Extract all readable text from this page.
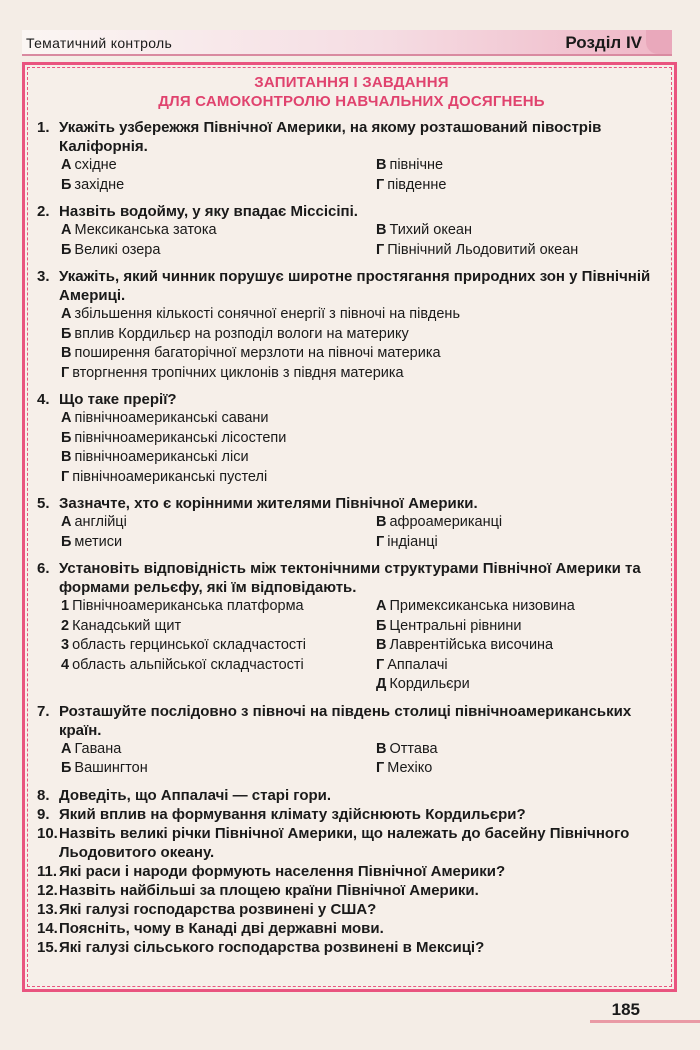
Тематичний контроль	Розділ IV
ЗАПИТАННЯ І ЗАВДАННЯ
ДЛЯ САМОКОНТРОЛЮ НАВЧАЛЬНИХ ДОСЯГНЕНЬ
1. Укажіть узбережжя Північної Америки, на якому розташований півострів Каліфорнія.
А східне	В північне
Б західне	Г південне
2. Назвіть водойму, у яку впадає Міссісіпі.
А Мексиканська затока	В Тихий океан
Б Великі озера	Г Північний Льодовитий океан
3. Укажіть, який чинник порушує широтне простягання природних зон у Північній Америці.
А збільшення кількості сонячної енергії з півночі на південь
Б вплив Кордильєр на розподіл вологи на материку
В поширення багаторічної мерзлоти на півночі материка
Г вторгнення тропічних циклонів з півдня материка
4. Що таке прерії?
А північноамериканські савани
Б північноамериканські лісостепи
В північноамериканські ліси
Г північноамериканські пустелі
5. Зазначте, хто є корінними жителями Північної Америки.
А англійці	В афроамериканці
Б метиси	Г індіанці
6. Установіть відповідність між тектонічними структурами Північної Америки та формами рельєфу, які їм відповідають.
1 Північноамериканська платформа	А Примексиканська низовина
2 Канадський щит	Б Центральні рівнини
3 область герцинської складчастості	В Лаврентійська височина
4 область альпійської складчастості	Г Аппалачі
Д Кордильєри
7. Розташуйте послідовно з півночі на південь столиці північноамериканських країн.
А Гавана	В Оттава
Б Вашингтон	Г Мехіко
8. Доведіть, що Аппалачі — старі гори.
9. Який вплив на формування клімату здійснюють Кордильєри?
10. Назвіть великі річки Північної Америки, що належать до басейну Північного Льодовитого океану.
11. Які раси і народи формують населення Північної Америки?
12. Назвіть найбільші за площею країни Північної Америки.
13. Які галузі господарства розвинені у США?
14. Поясніть, чому в Канаді дві державні мови.
15. Які галузі сільського господарства розвинені в Мексиці?
185
